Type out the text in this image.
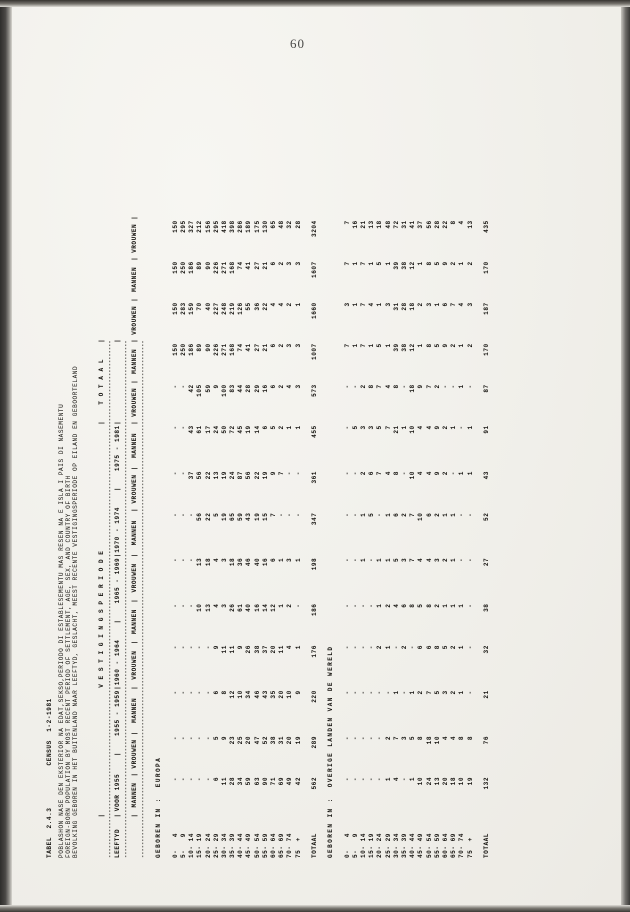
60
TABEL  2.4.3          CENSUS  1-2-1981 POBLASHON NASE DEN EKSTERIOR NA EDAT,SEKSO,PERIODO DI ESTABLESEMENTU MAS RESEN NA E ISLA I PAIS DI NASEMENTU FOREIGN-BORN POPULATION BY MOST RECENT PERIOD OF SETTLEMENT, AGE, SEX, AND COUNTRY OF BIRTH BEVOLKING GEBOREN IN HET BUITENLAND NAAR LEEFTYD, GESLACHT, MEEST RECENTE VESTIGINGSPERIODE OP EILAND EN GEBOORTELAND
		|	V E S T I G I N G S P E R I O D E																	|	T O T A A L			|						
----------------------------------------------------------------------------------------------------------------------------------------------------------------																													
LEEFTYD	|	VOOR 1955		|	1955 - 1959		|	1960 - 1964		|	1965 - 1969		|	1970 - 1974		|	1975 - 1981		|				|						
----------------------------------------------------------------------------------------------------------------------------------------------------------------																													
	|	MANNEN	|	VROUWEN	|	MANNEN	|	VROUWEN	|	MANNEN	|	VROUWEN	|	MANNEN	|	VROUWEN	|	MANNEN	|	VROUWEN	|	MANNEN	|	VROUWEN	|	MANNEN	|	VROUWEN	|
----------------------------------------------------------------------------------------------------------------------------------------------------------------																													

GEBOREN IN :  EUROPA																													

0-   4		-		-		-		-		-		-		-		-		-		-		150		150		150		150	
5-   9		-		-		-		-		-		-		-		-		-		-		250		283		250		295	
10- 14		-		-		-		-		-		-		-		37		43		42		186		159		186		327	
15- 19		-		-		-		-		10		13		56		56		61		105		89		70		89		212	
20- 24		-		-		-		-		13		18		22		22		17		59		90		40		90		156	
25- 29		6		5		6		9		4		4		5		13		24		9		226		227		226		295	
30- 34		11		9		8		11		3		3		19		19		50		100		271		248		271		418	
35- 39		28		23		12		11		26		18		65		24		72		83		168		219		168		398	
40- 44		34		25		10		9		61		36		59		87		45		44		74		126		74		286	
45- 49		59		20		34		26		40		46		43		56		19		28		41		55		41		189	
50- 54		63		47		46		38		16		40		19		22		14		29		27		36		27		175	
55- 59		90		52		43		37		14		16		15		19		6		16		21		22		21		130	
60- 64		71		38		35		20		12		6		7		9		5		6		6		4		6		65	
65- 69		69		31		20		11		1		1		-		7		2		2		2		4		2		48	
70- 74		49		20		10		4		2		3		-		-		1		4		3		2		3		32	
75  +		42		19		9		1		-		1		-		-		1		3		3		1		3		28	

TOTAAL		562		289		220		176		186		198		347		361		455		573		1007		1660		1607		3204	

GEBOREN IN :  OVERIGE LANDEN VAN DE WERELD																													

0-   4		-		-		-		-		-		-		-		-		-		-		7		3		7		7	
5-   9		-		-		-		-		-		-		-		-		5		-		1		1		1		16	
10- 14		-		-		-		-		-		1		1		2		3		2		7		7		7		21	
15- 19		-		-		-		-		-		-		5		6		3		8		1		4		1		13	
20- 24		-		-		-		2		1		1		-		7		5		7		5		1		5		18	
25- 29		1		2		-		1		2		1		1		4		7		4		1		3		1		48	
30- 34		4		7		1		-		4		5		6		8		21		8		39		31		39		72	
35- 39		-		3		-		2		6		3		2		-		1		-		38		28		38		31	
40- 44		1		5		1		-		8		7		7		10		10		18		12		18		12		41	
45- 49		10		8		2		6		5		4		10		4		4		9		1		2		1		37	
50- 54		24		18		7		6		8		4		6		4		4		7		8		3		8		56	
55- 59		13		10		5		8		2		3		2		9		9		2		5		1		5		28	
60- 64		20		4		3		5		1		2		1		2		2		-		9		6		9		22	
65- 69		18		4		2		2		1		1		1		-		1		-		2		7		2		8	
70- 74		10		8		1		1		1		-		-		1		-		1		1		4		1		4	
75  +		19		8		-		-		-		-		-		1		1		-		2		3		2		13	

TOTAAL		132		76		21		32		38		27		52		43		91		87		170		187		170		435	
